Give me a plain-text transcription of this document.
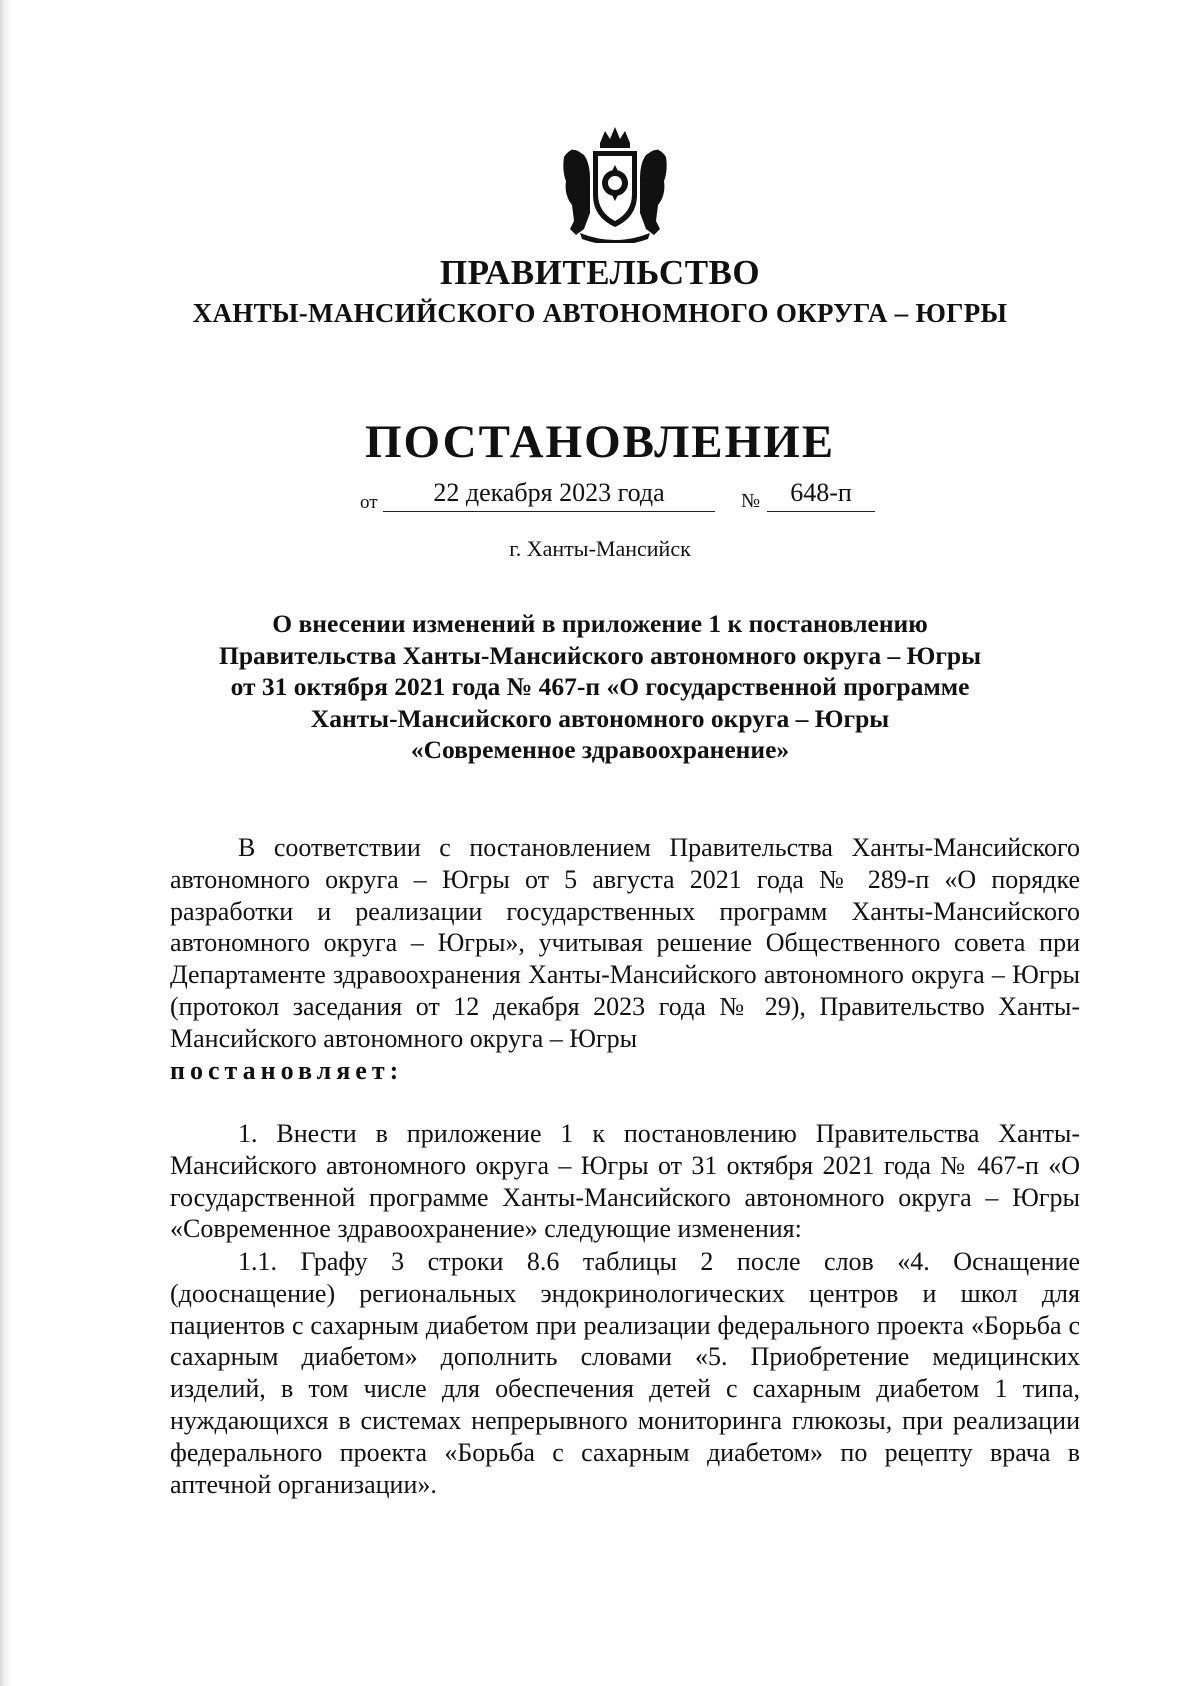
ПРАВИТЕЛЬСТВО
ХАНТЫ-МАНСИЙСКОГО АВТОНОМНОГО ОКРУГА – ЮГРЫ
ПОСТАНОВЛЕНИЕ
от	22 декабря 2023 года	№	648-п
г. Ханты-Мансийск
О внесении изменений в приложение 1 к постановлению
Правительства Ханты-Мансийского автономного округа – Югры
от 31 октября 2021 года № 467-п «О государственной программе
Ханты-Мансийского автономного округа – Югры
«Современное здравоохранение»

В соответствии с постановлением Правительства Ханты-Мансийского автономного округа – Югры от 5 августа 2021 года № 289-п «О порядке разработки и реализации государственных программ Ханты-Мансийского автономного округа – Югры», учитывая решение Общественного совета при Департаменте здравоохранения Ханты-Мансийского автономного округа – Югры (протокол заседания от 12 декабря 2023 года № 29), Правительство Ханты-Мансийского автономного округа – Югры

постановляет:

1. Внести в приложение 1 к постановлению Правительства Ханты-Мансийского автономного округа – Югры от 31 октября 2021 года № 467-п «О государственной программе Ханты-Мансийского автономного округа – Югры «Современное здравоохранение» следующие изменения:

1.1. Графу 3 строки 8.6 таблицы 2 после слов «4. Оснащение (дооснащение) региональных эндокринологических центров и школ для пациентов с сахарным диабетом при реализации федерального проекта «Борьба с сахарным диабетом» дополнить словами «5. Приобретение медицинских изделий, в том числе для обеспечения детей с сахарным диабетом 1 типа, нуждающихся в системах непрерывного мониторинга глюкозы, при реализации федерального проекта «Борьба с сахарным диабетом» по рецепту врача в аптечной организации».
